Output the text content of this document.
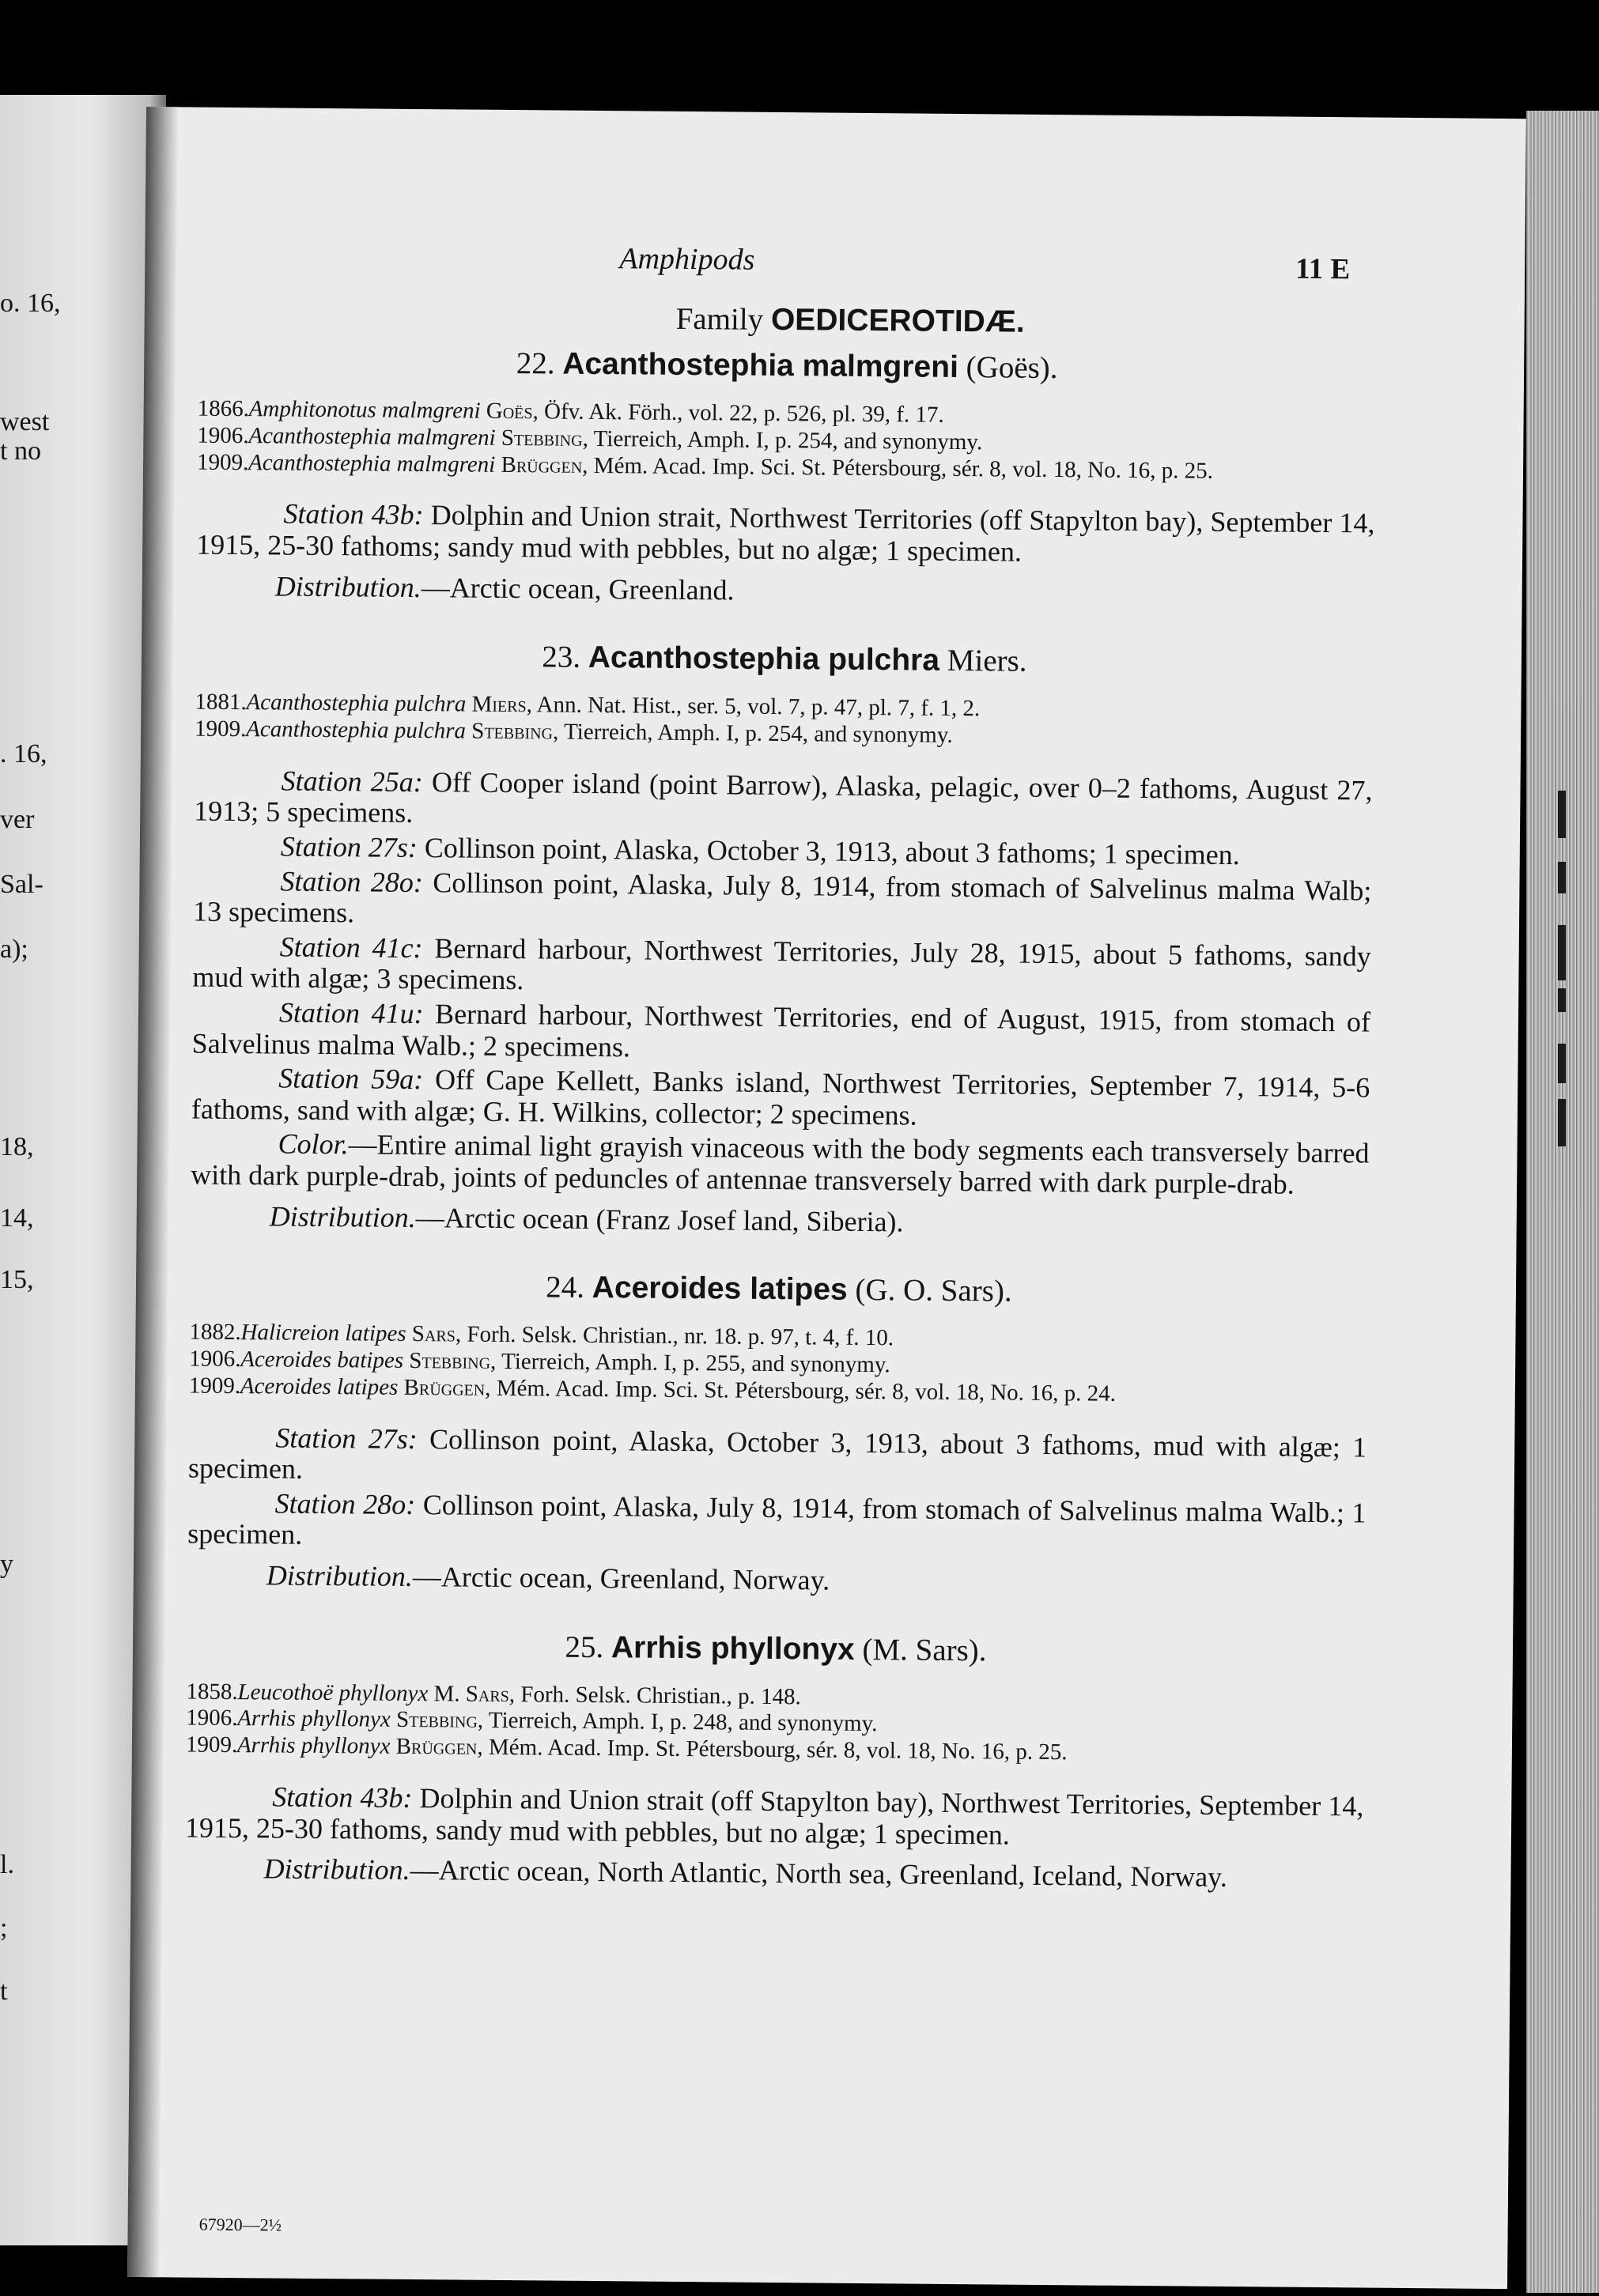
o. 16,
west
t no
. 16,
ver
Sal-
a);
18,
14,
15,
y
l.
;
t
Amphipods	11 E
Family OEDICEROTIDÆ.
22. Acanthostephia malmgreni (Goës).
1866. Amphitonotus malmgreni Goës, Öfv. Ak. Förh., vol. 22, p. 526, pl. 39, f. 17.
1906. Acanthostephia malmgreni Stebbing, Tierreich, Amph. I, p. 254, and synonymy.
1909. Acanthostephia malmgreni Brüggen, Mém. Acad. Imp. Sci. St. Pétersbourg, sér. 8, vol. 18, No. 16, p. 25.

Station 43b: Dolphin and Union strait, Northwest Territories (off Stapylton bay), September 14, 1915, 25-30 fathoms; sandy mud with pebbles, but no algæ; 1 specimen.

Distribution.—Arctic ocean, Greenland.

23. Acanthostephia pulchra Miers.
1881. Acanthostephia pulchra Miers, Ann. Nat. Hist., ser. 5, vol. 7, p. 47, pl. 7, f. 1, 2.
1909. Acanthostephia pulchra Stebbing, Tierreich, Amph. I, p. 254, and synonymy.

Station 25a: Off Cooper island (point Barrow), Alaska, pelagic, over 0–2 fathoms, August 27, 1913; 5 specimens.

Station 27s: Collinson point, Alaska, October 3, 1913, about 3 fathoms; 1 specimen.

Station 28o: Collinson point, Alaska, July 8, 1914, from stomach of Salvelinus malma Walb; 13 specimens.

Station 41c: Bernard harbour, Northwest Territories, July 28, 1915, about 5 fathoms, sandy mud with algæ; 3 specimens.

Station 41u: Bernard harbour, Northwest Territories, end of August, 1915, from stomach of Salvelinus malma Walb.; 2 specimens.

Station 59a: Off Cape Kellett, Banks island, Northwest Territories, September 7, 1914, 5-6 fathoms, sand with algæ; G. H. Wilkins, collector; 2 specimens.

Color.—Entire animal light grayish vinaceous with the body segments each transversely barred with dark purple-drab, joints of peduncles of antennae transversely barred with dark purple-drab.

Distribution.—Arctic ocean (Franz Josef land, Siberia).

24. Aceroides latipes (G. O. Sars).
1882. Halicreion latipes Sars, Forh. Selsk. Christian., nr. 18. p. 97, t. 4, f. 10.
1906. Aceroides batipes Stebbing, Tierreich, Amph. I, p. 255, and synonymy.
1909. Aceroides latipes Brüggen, Mém. Acad. Imp. Sci. St. Pétersbourg, sér. 8, vol. 18, No. 16, p. 24.

Station 27s: Collinson point, Alaska, October 3, 1913, about 3 fathoms, mud with algæ; 1 specimen.

Station 28o: Collinson point, Alaska, July 8, 1914, from stomach of Salvelinus malma Walb.; 1 specimen.

Distribution.—Arctic ocean, Greenland, Norway.

25. Arrhis phyllonyx (M. Sars).
1858. Leucothoë phyllonyx M. Sars, Forh. Selsk. Christian., p. 148.
1906. Arrhis phyllonyx Stebbing, Tierreich, Amph. I, p. 248, and synonymy.
1909. Arrhis phyllonyx Brüggen, Mém. Acad. Imp. St. Pétersbourg, sér. 8, vol. 18, No. 16, p. 25.

Station 43b: Dolphin and Union strait (off Stapylton bay), Northwest Territories, September 14, 1915, 25-30 fathoms, sandy mud with pebbles, but no algæ; 1 specimen.

Distribution.—Arctic ocean, North Atlantic, North sea, Greenland, Iceland, Norway.

67920—2½
